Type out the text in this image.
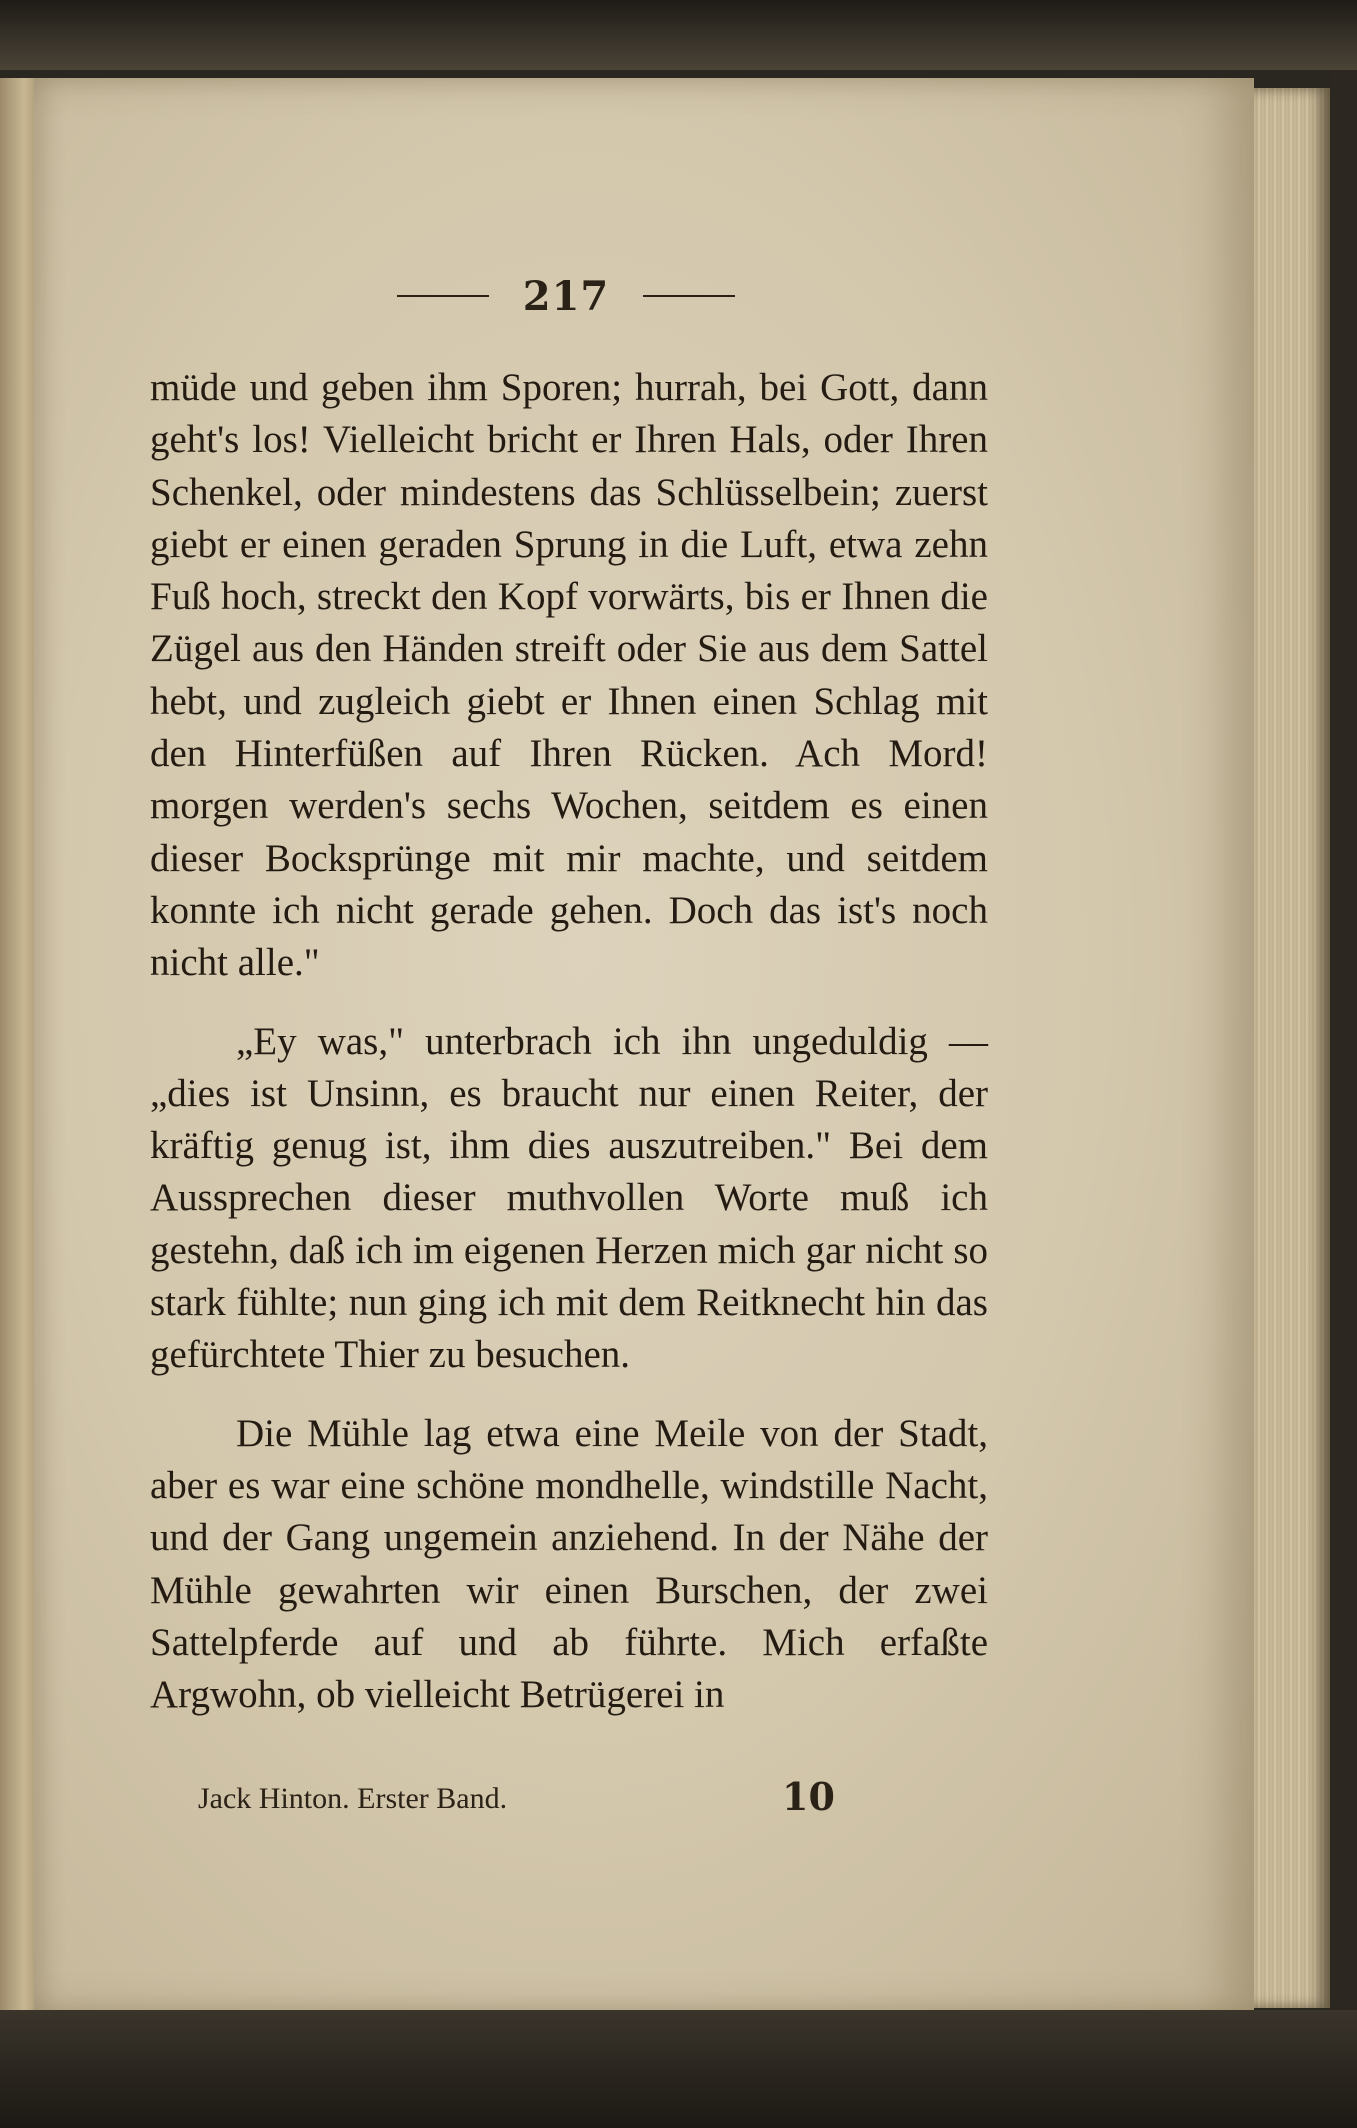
217

müde und geben ihm Sporen; hurrah, bei Gott, dann geht's los! Vielleicht bricht er Ihren Hals, oder Ihren Schenkel, oder mindestens das Schlüsselbein; zuerst giebt er einen geraden Sprung in die Luft, etwa zehn Fuß hoch, streckt den Kopf vorwärts, bis er Ihnen die Zügel aus den Händen streift oder Sie aus dem Sattel hebt, und zugleich giebt er Ihnen einen Schlag mit den Hinterfüßen auf Ihren Rücken. Ach Mord! morgen werden's sechs Wochen, seitdem es einen dieser Bocksprünge mit mir machte, und seitdem konnte ich nicht gerade gehen. Doch das ist's noch nicht alle."

„Ey was," unterbrach ich ihn ungeduldig — „dies ist Unsinn, es braucht nur einen Reiter, der kräftig genug ist, ihm dies auszutreiben." Bei dem Aussprechen dieser muthvollen Worte muß ich gestehn, daß ich im eigenen Herzen mich gar nicht so stark fühlte; nun ging ich mit dem Reitknecht hin das gefürchtete Thier zu besuchen.

Die Mühle lag etwa eine Meile von der Stadt, aber es war eine schöne mondhelle, windstille Nacht, und der Gang ungemein anziehend. In der Nähe der Mühle gewahrten wir einen Burschen, der zwei Sattelpferde auf und ab führte. Mich erfaßte Argwohn, ob vielleicht Betrügerei in

Jack Hinton. Erster Band.	10
